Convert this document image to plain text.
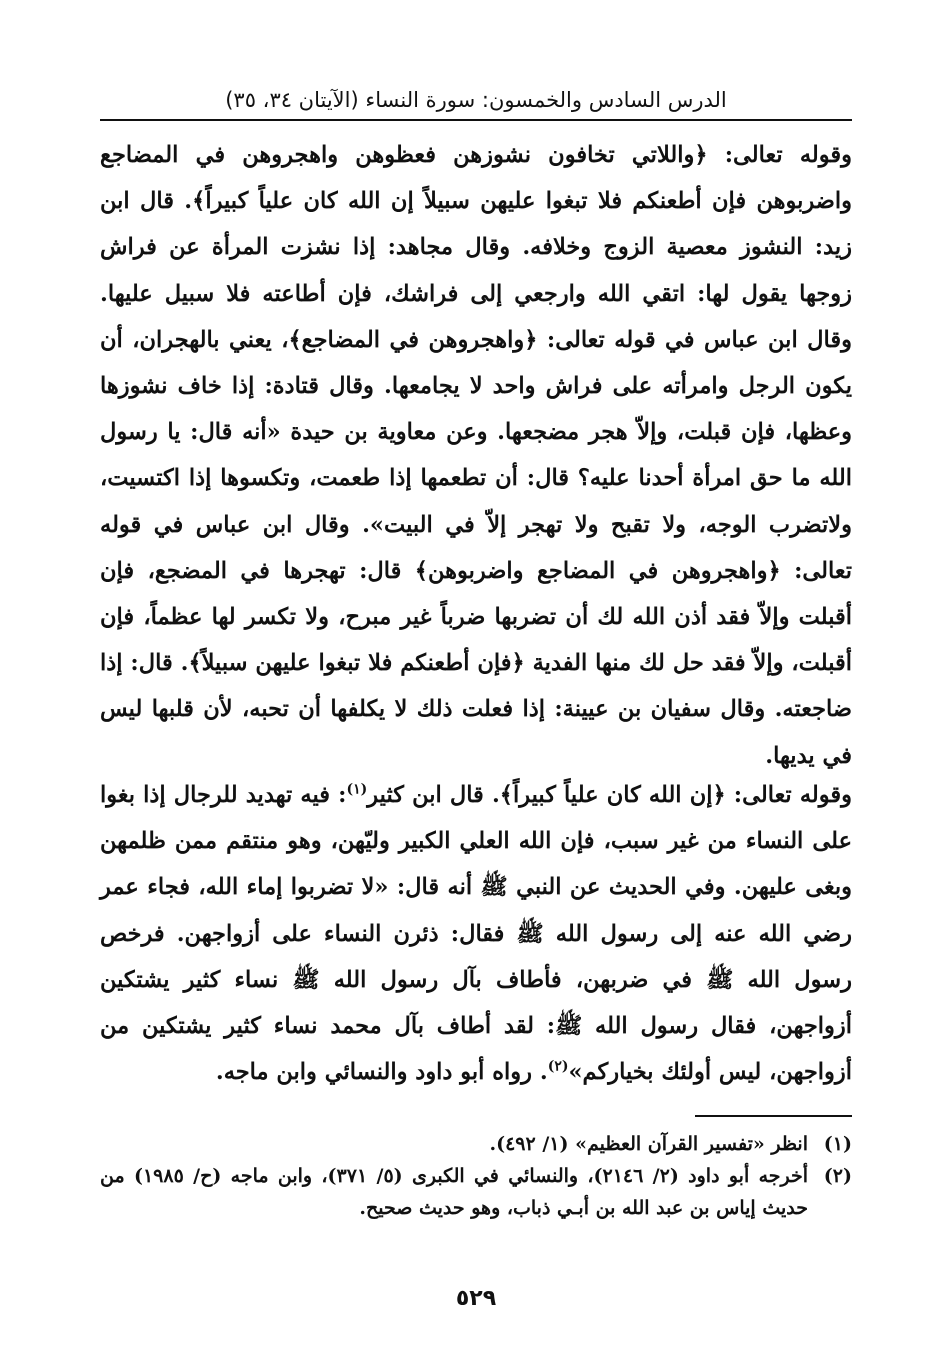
الدرس السادس والخمسون: سورة النساء (الآيتان ٣٤، ٣٥)

وقوله تعالى: ﴿واللاتي تخافون نشوزهن فعظوهن واهجروهن في المضاجع واضربوهن فإن أطعنكم فلا تبغوا عليهن سبيلاً إن الله كان علياً كبيراً﴾. قال ابن زيد: النشوز معصية الزوج وخلافه. وقال مجاهد: إذا نشزت المرأة عن فراش زوجها يقول لها: اتقي الله وارجعي إلى فراشك، فإن أطاعته فلا سبيل عليها. وقال ابن عباس في قوله تعالى: ﴿واهجروهن في المضاجع﴾، يعني بالهجران، أن يكون الرجل وامرأته على فراش واحد لا يجامعها. وقال قتادة: إذا خاف نشوزها وعظها، فإن قبلت، وإلاّ هجر مضجعها. وعن معاوية بن حيدة «أنه قال: يا رسول الله ما حق امرأة أحدنا عليه؟ قال: أن تطعمها إذا طعمت، وتكسوها إذا اكتسيت، ولاتضرب الوجه، ولا تقبح ولا تهجر إلاّ في البيت». وقال ابن عباس في قوله تعالى: ﴿واهجروهن في المضاجع واضربوهن﴾ قال: تهجرها في المضجع، فإن أقبلت وإلاّ فقد أذن الله لك أن تضربها ضرباً غير مبرح، ولا تكسر لها عظماً، فإن أقبلت، وإلاّ فقد حل لك منها الفدية ﴿فإن أطعنكم فلا تبغوا عليهن سبيلاً﴾. قال: إذا ضاجعته. وقال سفيان بن عيينة: إذا فعلت ذلك لا يكلفها أن تحبه، لأن قلبها ليس في يديها.

وقوله تعالى: ﴿إن الله كان علياً كبيراً﴾. قال ابن كثير$^{(١)}$: فيه تهديد للرجال إذا بغوا على النساء من غير سبب، فإن الله العلي الكبير وليّهن، وهو منتقم ممن ظلمهن وبغى عليهن. وفي الحديث عن النبي ﷺ أنه قال: «لا تضربوا إماء الله، فجاء عمر رضي الله عنه إلى رسول الله ﷺ فقال: ذئرن النساء على أزواجهن. فرخص رسول الله ﷺ في ضربهن، فأطاف بآل رسول الله ﷺ نساء كثير يشتكين أزواجهن، فقال رسول الله ﷺ: لقد أطاف بآل محمد نساء كثير يشتكين من أزواجهن، ليس أولئك بخياركم»$^{(٢)}$. رواه أبو داود والنسائي وابن ماجه.

(١)
انظر «تفسير القرآن العظيم» (١/ ٤٩٢).
(٢)
أخرجه أبو داود (٢/ ٢١٤٦)، والنسائي في الكبرى (٥/ ٣٧١)، وابن ماجه (ح/ ١٩٨٥) من حديث إياس بن عبد الله بن أبـي ذباب، وهو حديث صحيح.
٥٢٩
